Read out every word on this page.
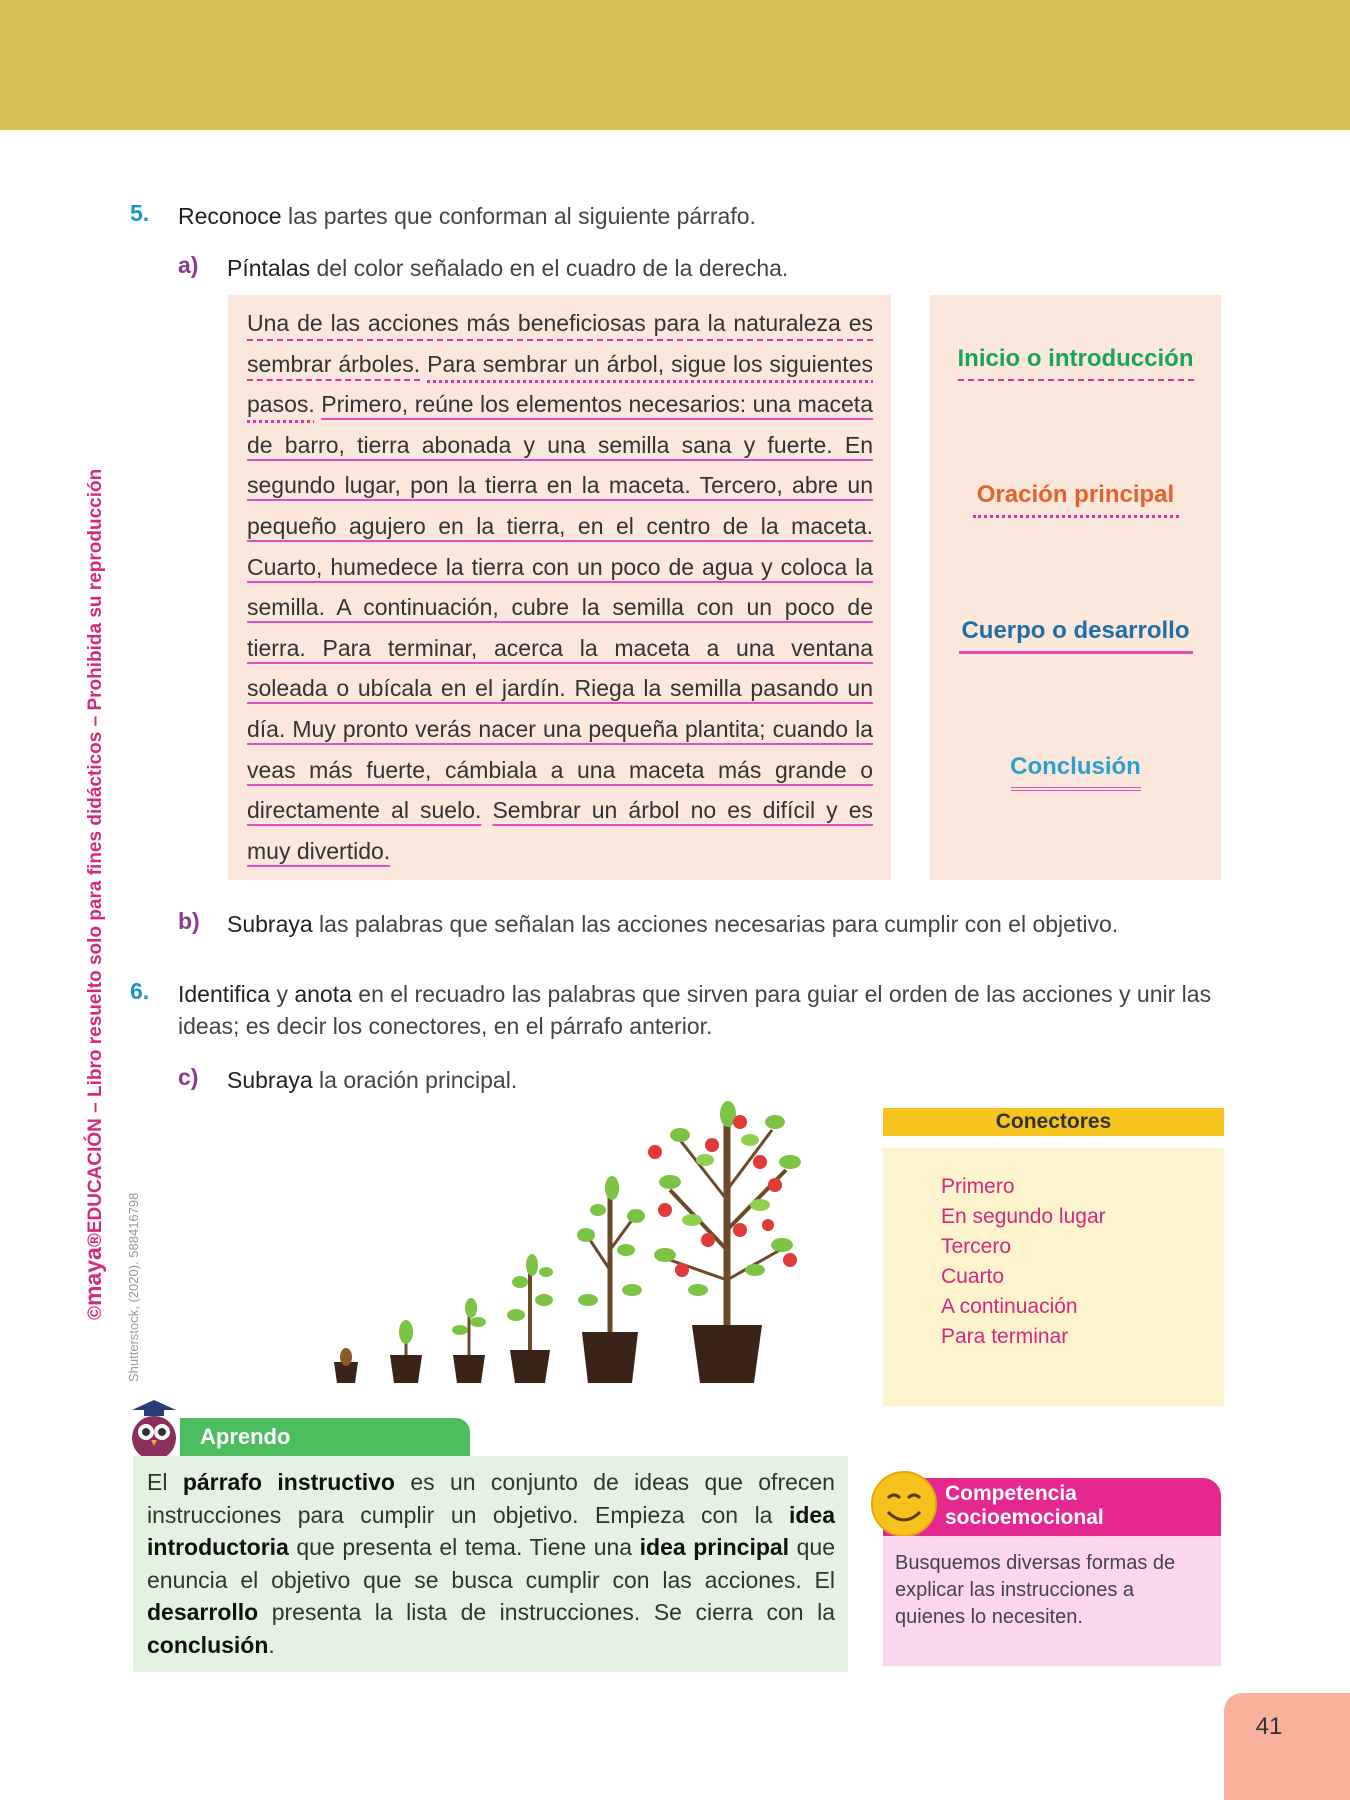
©maya®EDUCACIÓN – Libro resuelto solo para fines didácticos – Prohibida su reproducción
Shutterstock, (2020). 588416798
5. Reconoce las partes que conforman al siguiente párrafo.
a) Píntalas del color señalado en el cuadro de la derecha.
Una de las acciones más beneficiosas para la naturaleza es sembrar árboles. Para sembrar un árbol, sigue los siguientes pasos. Primero, reúne los elementos necesarios: una maceta de barro, tierra abonada y una semilla sana y fuerte. En segundo lugar, pon la tierra en la maceta. Tercero, abre un pequeño agujero en la tierra, en el centro de la maceta. Cuarto, humedece la tierra con un poco de agua y coloca la semilla. A continuación, cubre la semilla con un poco de tierra. Para terminar, acerca la maceta a una ventana soleada o ubícala en el jardín. Riega la semilla pasando un día. Muy pronto verás nacer una pequeña plantita; cuando la veas más fuerte, cámbiala a una maceta más grande o directamente al suelo. Sembrar un árbol no es difícil y es muy divertido.
Inicio o introducción
Oración principal
Cuerpo o desarrollo
Conclusión
b) Subraya las palabras que señalan las acciones necesarias para cumplir con el objetivo.
6. Identifica y anota en el recuadro las palabras que sirven para guiar el orden de las acciones y unir las ideas; es decir los conectores, en el párrafo anterior.
c) Subraya la oración principal.
Conectores
Primero
En segundo lugar
Tercero
Cuarto
A continuación
Para terminar
Aprendo
El párrafo instructivo es un conjunto de ideas que ofrecen instrucciones para cumplir un objetivo. Empieza con la idea introductoria que presenta el tema. Tiene una idea principal que enuncia el objetivo que se busca cumplir con las acciones. El desarrollo presenta la lista de instrucciones. Se cierra con la conclusión.
Competencia
socioemocional
Busquemos diversas formas de explicar las instrucciones a quienes lo necesiten.
41
